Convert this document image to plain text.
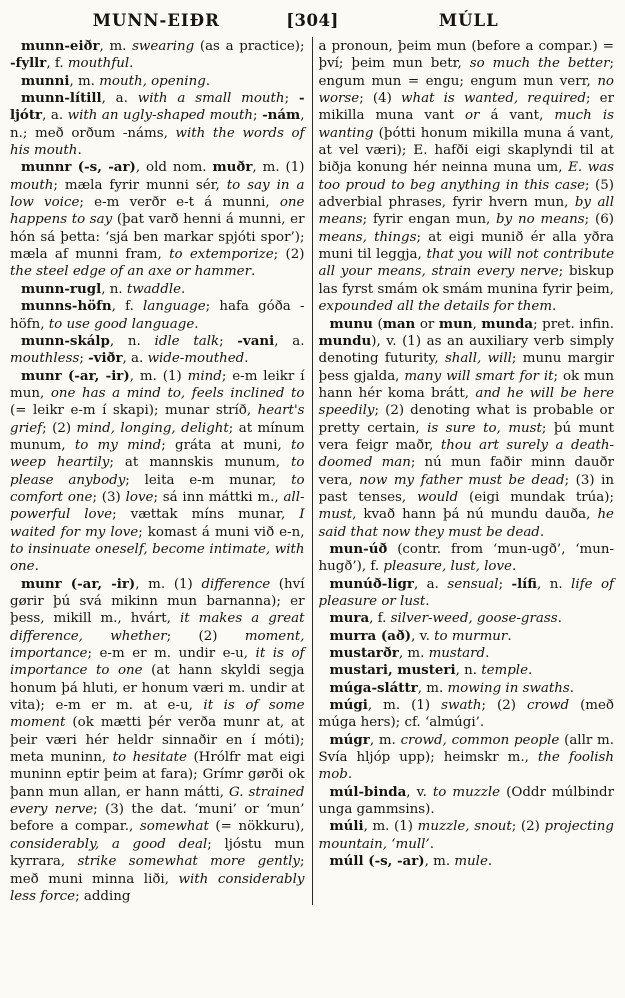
MUNN-EIÐR	[304]	MÚLL

munn-eiðr, m. swearing (as a practice); -fyllr, f. mouthful.

munni, m. mouth, opening.

munn-lítill, a. with a small mouth; -ljótr, a. with an ugly-shaped mouth; -nám, n.; með orðum -náms, with the words of his mouth.

munnr (-s, -ar), old nom. muðr, m. (1) mouth; mæla fyrir munni sér, to say in a low voice; e-m verðr e-t á munni, one happens to say (þat varð henni á munni, er hón sá þetta: ‘sjá ben markar spjóti spor’); mæla af munni fram, to extemporize; (2) the steel edge of an axe or hammer.

munn-rugl, n. twaddle.

munns-höfn, f. language; hafa góða -höfn, to use good language.

munn-skálp, n. idle talk; -vani, a. mouthless; -viðr, a. wide-mouthed.

munr (-ar, -ir), m. (1) mind; e-m leikr í mun, one has a mind to, feels inclined to (= leikr e-m í skapi); munar stríð, heart's grief; (2) mind, longing, delight; at mínum munum, to my mind; gráta at muni, to weep heartily; at mannskis munum, to please anybody; leita e-m munar, to comfort one; (3) love; sá inn máttki m., all-powerful love; vættak míns munar, I waited for my love; komast á muni við e-n, to insinuate oneself, become intimate, with one.

munr (-ar, -ir), m. (1) difference (hví gørir þú svá mikinn mun barnanna); er þess, mikill m., hvárt, it makes a great difference, whether; (2) moment, importance; e-m er m. undir e-u, it is of importance to one (at hann skyldi segja honum þá hluti, er honum væri m. undir at vita); e-m er m. at e-u, it is of some moment (ok mætti þér verða munr at, at þeir væri hér heldr sinnaðir en í móti); meta muninn, to hesitate (Hrólfr mat eigi muninn eptir þeim at fara); Grímr gørði ok þann mun allan, er hann mátti, G. strained every nerve; (3) the dat. ‘muni’ or ‘mun’ before a compar., somewhat (= nökkuru), considerably, a good deal; ljóstu mun kyrrara, strike somewhat more gently; með muni minna liði, with considerably less force; adding

a pronoun, þeim mun (before a compar.) = því; þeim mun betr, so much the better; engum mun = engu; engum mun verr, no worse; (4) what is wanted, required; er mikilla muna vant or á vant, much is wanting (þótti honum mikilla muna á vant, at vel væri); E. hafði eigi skaplyndi til at biðja konung hér neinna muna um, E. was too proud to beg anything in this case; (5) adverbial phrases, fyrir hvern mun, by all means; fyrir engan mun, by no means; (6) means, things; at eigi munið ér alla yðra muni til leggja, that you will not contribute all your means, strain every nerve; biskup las fyrst smám ok smám munina fyrir þeim, expounded all the details for them.

munu (man or mun, munda; pret. infin. mundu), v. (1) as an auxiliary verb simply denoting futurity, shall, will; munu margir þess gjalda, many will smart for it; ok mun hann hér koma brátt, and he will be here speedily; (2) denoting what is probable or pretty certain, is sure to, must; þú munt vera feigr maðr, thou art surely a death-doomed man; nú mun faðir minn dauðr vera, now my father must be dead; (3) in past tenses, would (eigi mundak trúa); must, kvað hann þá nú mundu dauða, he said that now they must be dead.

mun-úð (contr. from ‘mun-ugð’, ‘mun-hugð’), f. pleasure, lust, love.

munúð-ligr, a. sensual; -lífi, n. life of pleasure or lust.

mura, f. silver-weed, goose-grass.

murra (að), v. to murmur.

mustarðr, m. mustard.

mustari, musteri, n. temple.

múga-sláttr, m. mowing in swaths.

múgi, m. (1) swath; (2) crowd (með múga hers); cf. ‘almúgi’.

múgr, m. crowd, common people (allr m. Svía hljóp upp); heimskr m., the foolish mob.

múl-binda, v. to muzzle (Oddr múlbindr unga gammsins).

múli, m. (1) muzzle, snout; (2) projecting mountain, ‘mull’.

múll (-s, -ar), m. mule.
